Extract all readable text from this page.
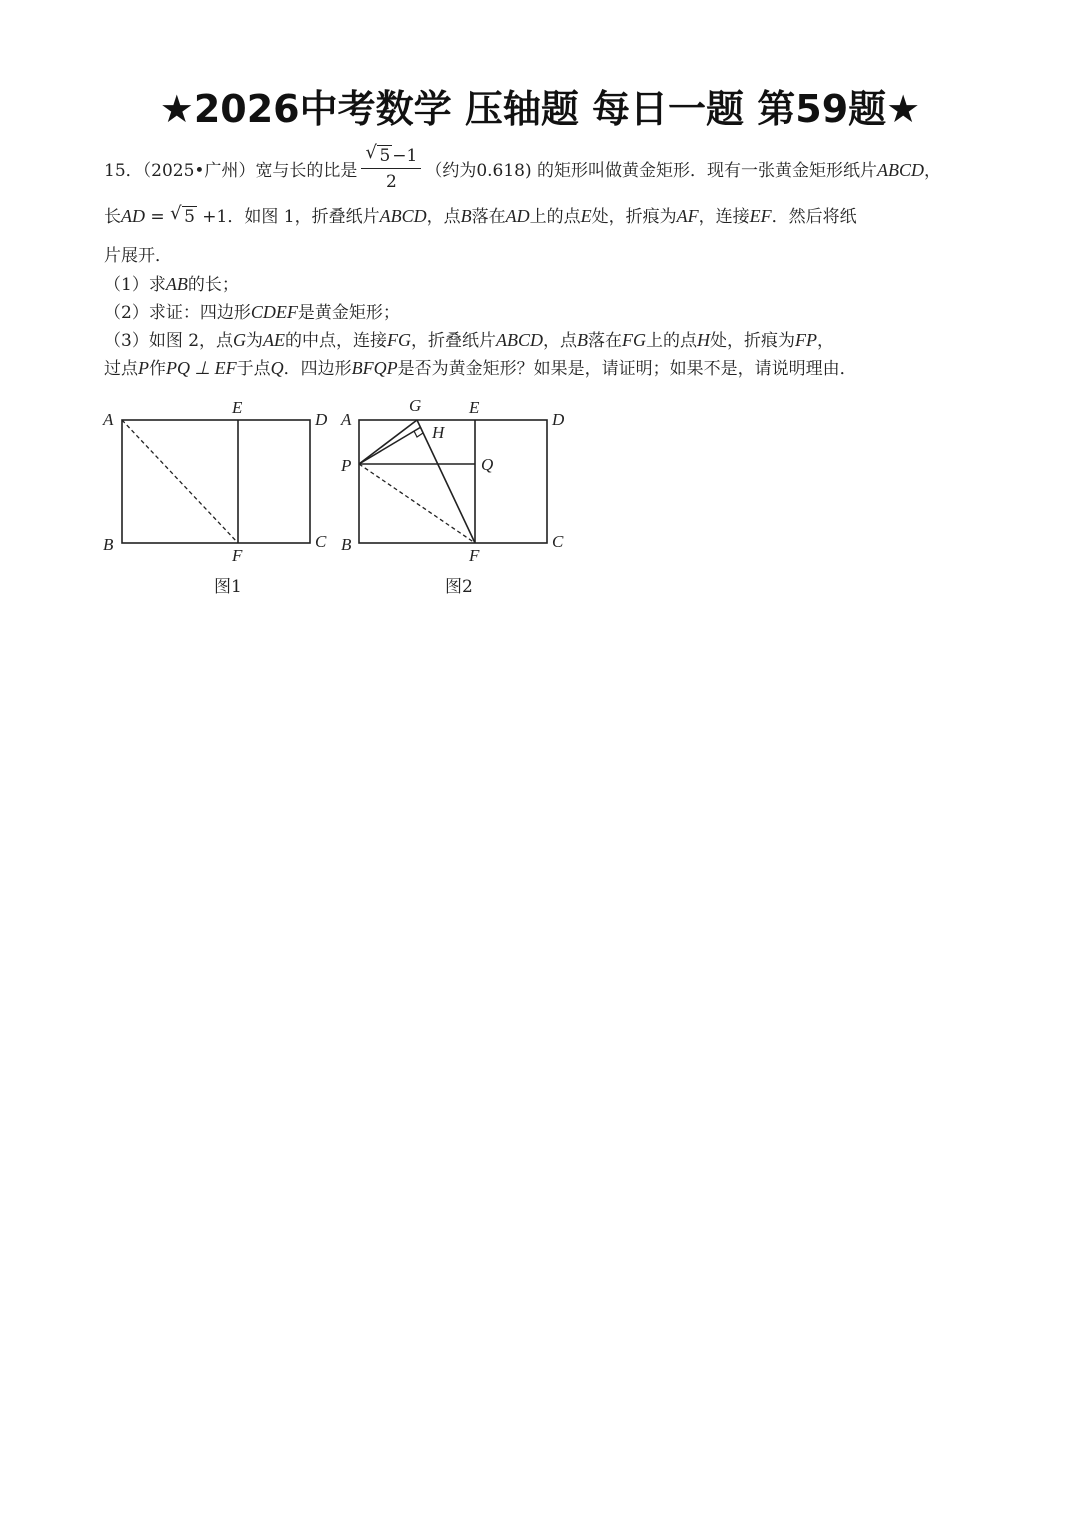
★2026中考数学 压轴题 每日一题 第59题★
15．（2025•广州）宽与长的比是 $\frac{√ 5 -1}{2}$ （约为0.618) 的矩形叫做黄金矩形．现有一张黄金矩形纸片ABCD，
长AD = √ 5 +1．如图 1，折叠纸片ABCD，点B落在AD上的点E处，折痕为AF，连接EF．然后将纸
片展开．
（1）求AB的长；
（2）求证：四边形CDEF是黄金矩形；
（3）如图 2，点G为AE的中点，连接FG，折叠纸片ABCD，点B落在FG上的点H处，折痕为FP，
过点P作PQ ⊥ EF于点Q．四边形BFQP是否为黄金矩形？如果是，请证明；如果不是，请说明理由．
A
E
D
B
F
C
图1
A
G
H
E
D
P	Q
B
F
C
图2
